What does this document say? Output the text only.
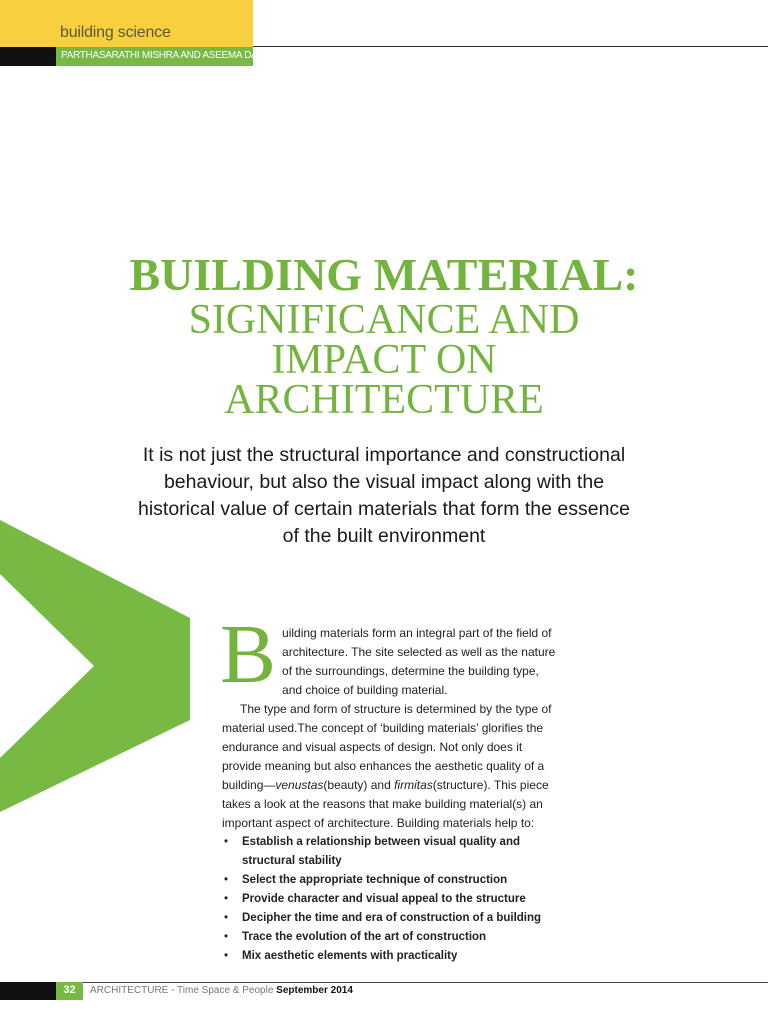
building science
PARTHASARATHI MISHRA AND ASEEMA DAS
BUILDING MATERIAL:
SIGNIFICANCE AND
IMPACT ON
ARCHITECTURE
It is not just the structural importance and constructional behaviour, but also the visual impact along with the historical value of certain materials that form the essence of the built environment
B uilding materials form an integral part of the field of architecture. The site selected as well as the nature of the surroundings, determine the building type, and choice of building material.

The type and form of structure is determined by the type of material used.The concept of ‘building materials’ glorifies the endurance and visual aspects of design. Not only does it provide meaning but also enhances the aesthetic quality of a building—venustas(beauty) and firmitas(structure). This piece takes a look at the reasons that make building material(s) an important aspect of architecture. Building materials help to:

• Establish a relationship between visual quality and structural stability
• Select the appropriate technique of construction
• Provide character and visual appeal to the structure
• Decipher the time and era of construction of a building
• Trace the evolution of the art of construction
• Mix aesthetic elements with practicality
32	ARCHITECTURE - Time Space & People September 2014
